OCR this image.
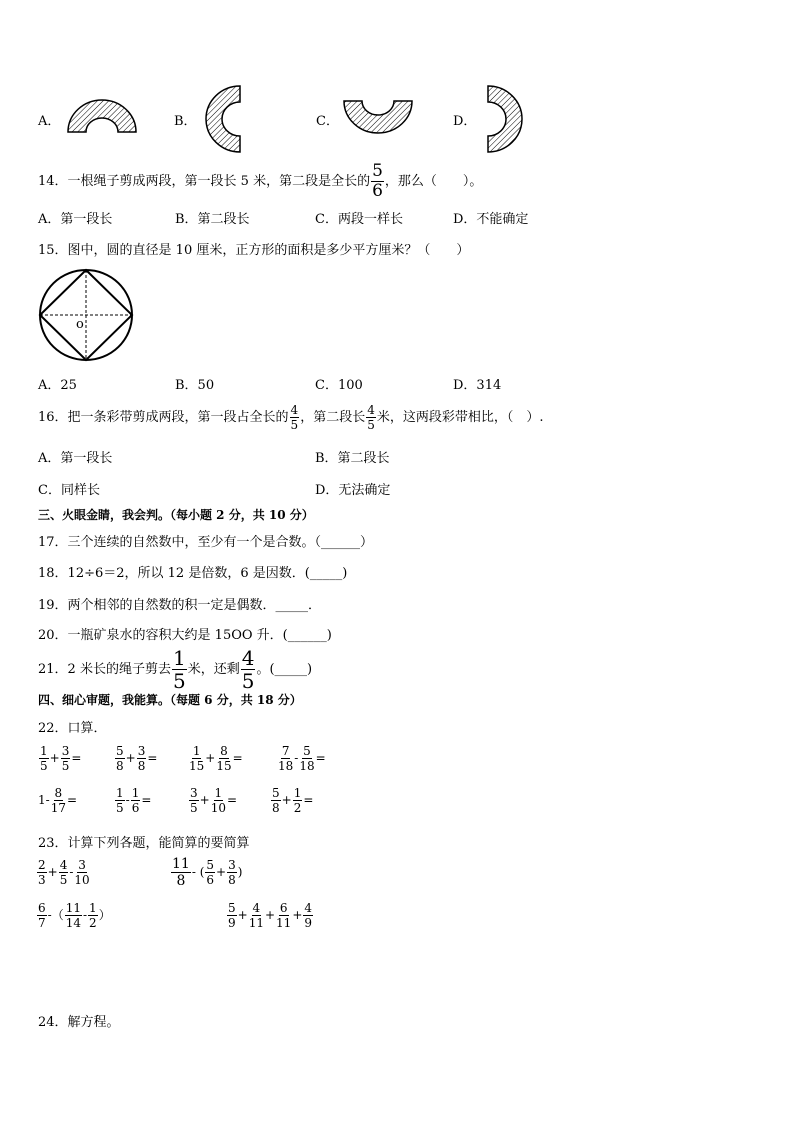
A．	B．	C．	D．
14．一根绳子剪成两段，第一段长 5 米，第二段是全长的 $\frac{5}{6}$ ，那么（　　）。
A．第一段长	B．第二段长	C．两段一样长	D．不能确定
15．图中，圆的直径是 10 厘米，正方形的面积是多少平方厘米？（　　）
o
A．25	B．50	C．100	D．314
16．把一条彩带剪成两段，第一段占全长的 $\frac{4}{5}$ ，第二段长 $\frac{4}{5}$ 米，这两段彩带相比，（　）.
A．第一段长	B．第二段长
C．同样长	D．无法确定
三、火眼金睛，我会判。（每小题 2 分，共 10 分）
17．三个连续的自然数中，至少有一个是合数。（______）
18．12÷6＝2，所以 12 是倍数，6 是因数．(_____)
19．两个相邻的自然数的积一定是偶数．_____．
20．一瓶矿泉水的容积大约是 15OO 升．(______)
21．2 米长的绳子剪去 $\frac{1}{5}$ 米，还剩 $\frac{4}{5}$ 。(_____)
四、细心审题，我能算。（每题 6 分，共 18 分）
22．口算．
$\frac{1}{5} + \frac{3}{5}$ =	$\frac{5}{8} + \frac{3}{8}$ =	$\frac{1}{15} + \frac{8}{15}$ =	$\frac{7}{18} - \frac{5}{18}$ =
$1- \frac{8}{17}$ =	$\frac{1}{5} - \frac{1}{6}$ =	$\frac{3}{5} + \frac{1}{10}$ =	$\frac{5}{8} + \frac{1}{2}$ =
23．计算下列各题，能简算的要简算
$\frac{2}{3} + \frac{4}{5} - \frac{3}{10}$	$\frac{11}{8}$ - ( $\frac{5}{6} + \frac{3}{8}$ )
$\frac{6}{7}$ -（ $\frac{11}{14} - \frac{1}{2}$ ）	$\frac{5}{9} + \frac{4}{11} + \frac{6}{11} + \frac{4}{9}$
24．解方程。
